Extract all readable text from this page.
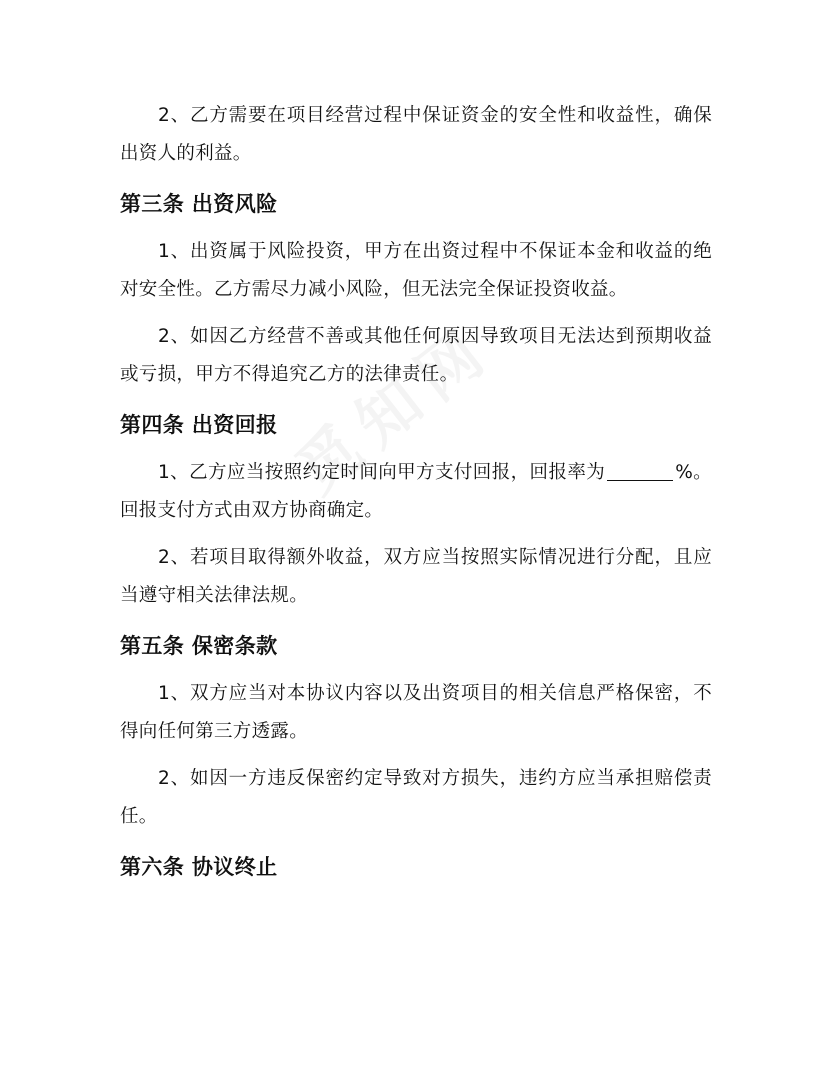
2、乙方需要在项目经营过程中保证资金的安全性和收益性，确保出资人的利益。

第三条 出资风险

1、出资属于风险投资，甲方在出资过程中不保证本金和收益的绝对安全性。乙方需尽力减小风险，但无法完全保证投资收益。

2、如因乙方经营不善或其他任何原因导致项目无法达到预期收益或亏损，甲方不得追究乙方的法律责任。

第四条 出资回报

1、乙方应当按照约定时间向甲方支付回报，回报率为	%。回报支付方式由双方协商确定。

2、若项目取得额外收益，双方应当按照实际情况进行分配，且应当遵守相关法律法规。

第五条 保密条款

1、双方应当对本协议内容以及出资项目的相关信息严格保密，不得向任何第三方透露。

2、如因一方违反保密约定导致对方损失，违约方应当承担赔偿责任。

第六条 协议终止
